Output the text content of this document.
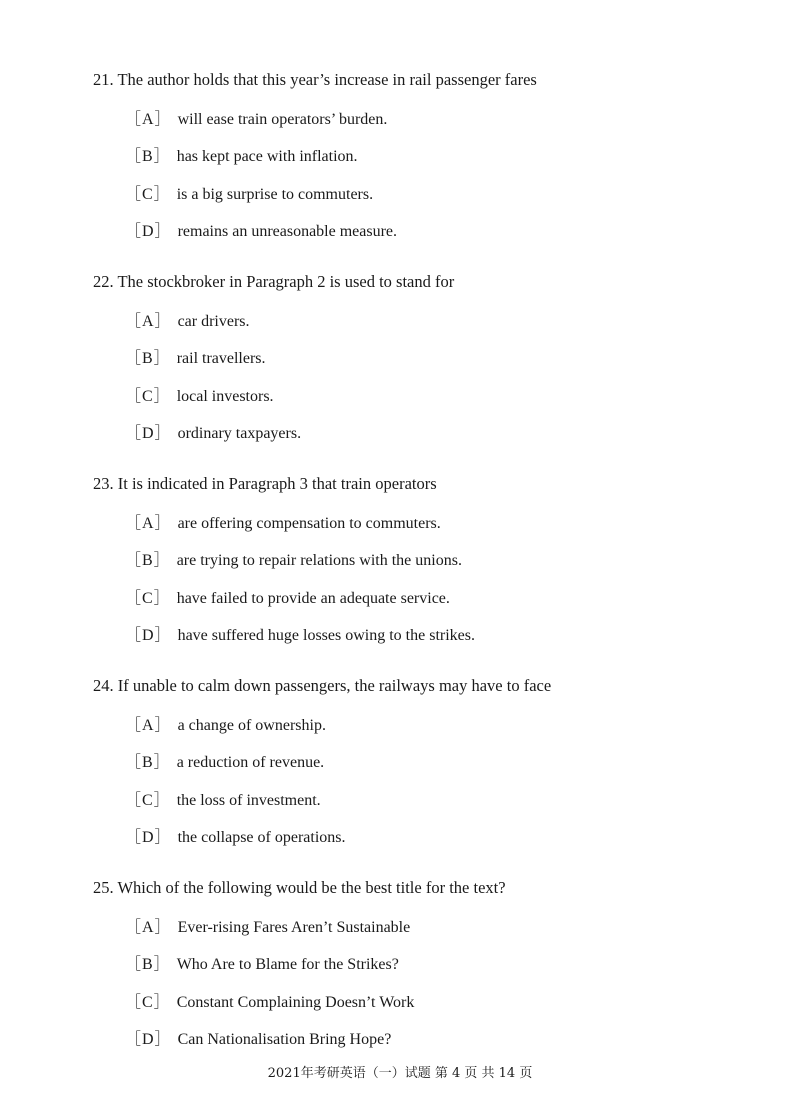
21. The author holds that this year’s increase in rail passenger fares
［A］ will ease train operators’ burden.
［B］ has kept pace with inflation.
［C］ is a big surprise to commuters.
［D］ remains an unreasonable measure.
22. The stockbroker in Paragraph 2 is used to stand for
［A］ car drivers.
［B］ rail travellers.
［C］ local investors.
［D］ ordinary taxpayers.
23. It is indicated in Paragraph 3 that train operators
［A］ are offering compensation to commuters.
［B］ are trying to repair relations with the unions.
［C］ have failed to provide an adequate service.
［D］ have suffered huge losses owing to the strikes.
24. If unable to calm down passengers, the railways may have to face
［A］ a change of ownership.
［B］ a reduction of revenue.
［C］ the loss of investment.
［D］ the collapse of operations.
25. Which of the following would be the best title for the text?
［A］ Ever-rising Fares Aren’t Sustainable
［B］ Who Are to Blame for the Strikes?
［C］ Constant Complaining Doesn’t Work
［D］ Can Nationalisation Bring Hope?
2021年考研英语（一）试题 第 4 页 共 14 页
